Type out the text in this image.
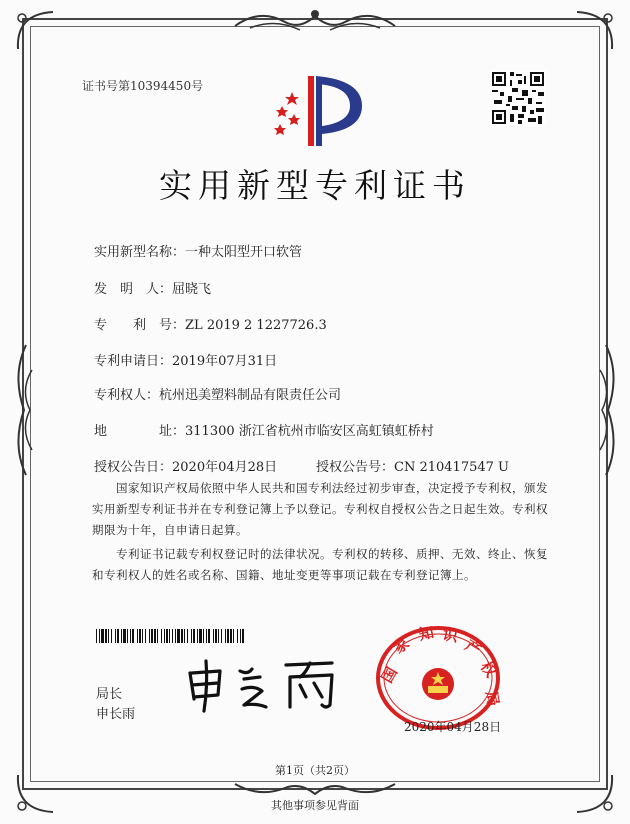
证书号第10394450号
实用新型专利证书
实用新型名称：一种太阳型开口软管
发　明　人：屈晓飞
专　　利　号：ZL 2019 2 1227726.3
专利申请日：2019年07月31日
专利权人：杭州迅美塑料制品有限责任公司
地　　　　址：311300 浙江省杭州市临安区高虹镇虹桥村
授权公告日：2020年04月28日	授权公告号：CN 210417547 U
国家知识产权局依照中华人民共和国专利法经过初步审查，决定授予专利权，颁发实用新型专利证书并在专利登记簿上予以登记。专利权自授权公告之日起生效。专利权期限为十年，自申请日起算。
专利证书记载专利权登记时的法律状况。专利权的转移、质押、无效、终止、恢复和专利权人的姓名或名称、国籍、地址变更等事项记载在专利登记簿上。
局长
申长雨
国
家
知 识
产
权
局
2020年04月28日
第1页（共2页）
其他事项参见背面
